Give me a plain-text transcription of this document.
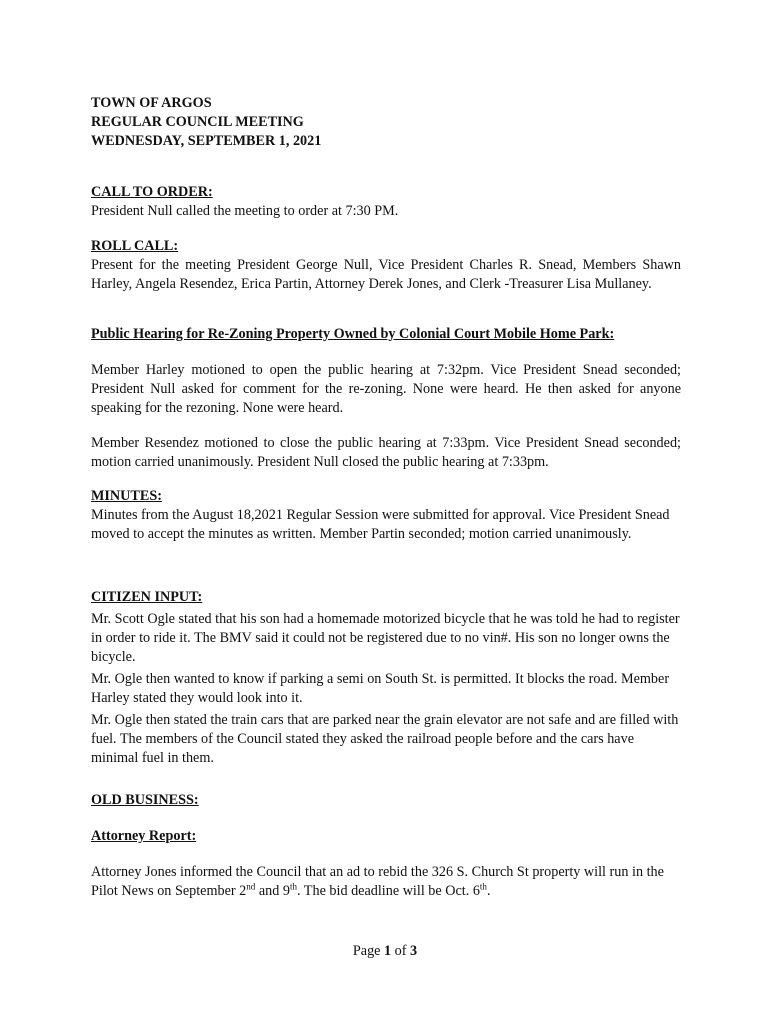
TOWN OF ARGOS
REGULAR COUNCIL MEETING
WEDNESDAY, SEPTEMBER 1, 2021
CALL TO ORDER:
President Null called the meeting to order at 7:30 PM.
ROLL CALL:
Present for the meeting President George Null, Vice President Charles R. Snead, Members Shawn Harley, Angela Resendez, Erica Partin, Attorney Derek Jones, and Clerk -Treasurer Lisa Mullaney.
Public Hearing for Re-Zoning Property Owned by Colonial Court Mobile Home Park:
Member Harley motioned to open the public hearing at 7:32pm. Vice President Snead seconded; President Null asked for comment for the re-zoning. None were heard. He then asked for anyone speaking for the rezoning. None were heard.
Member Resendez motioned to close the public hearing at 7:33pm. Vice President Snead seconded; motion carried unanimously. President Null closed the public hearing at 7:33pm.
MINUTES:
Minutes from the August 18,2021 Regular Session were submitted for approval. Vice President Snead moved to accept the minutes as written. Member Partin seconded; motion carried unanimously.
CITIZEN INPUT:
Mr. Scott Ogle stated that his son had a homemade motorized bicycle that he was told he had to register in order to ride it. The BMV said it could not be registered due to no vin#. His son no longer owns the bicycle.
Mr. Ogle then wanted to know if parking a semi on South St. is permitted. It blocks the road. Member Harley stated they would look into it.
Mr. Ogle then stated the train cars that are parked near the grain elevator are not safe and are filled with fuel. The members of the Council stated they asked the railroad people before and the cars have minimal fuel in them.
OLD BUSINESS:
Attorney Report:
Attorney Jones informed the Council that an ad to rebid the 326 S. Church St property will run in the Pilot News on September 2nd and 9th. The bid deadline will be Oct. 6th.
Page 1 of 3
